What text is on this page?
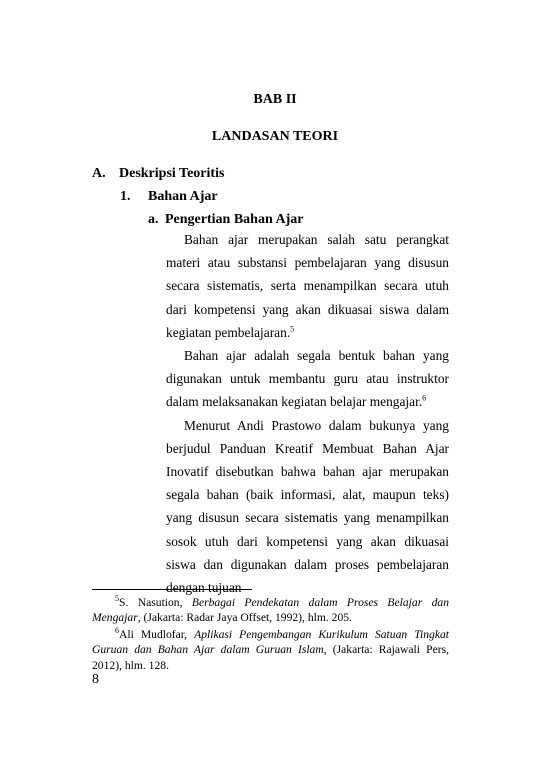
BAB II

LANDASAN TEORI

A. Deskripsi Teoritis

1. Bahan Ajar

a. Pengertian Bahan Ajar

Bahan ajar merupakan salah satu perangkat materi atau substansi pembelajaran yang disusun secara sistematis, serta menampilkan secara utuh dari kompetensi yang akan dikuasai siswa dalam kegiatan pembelajaran.$^5$

Bahan ajar adalah segala bentuk bahan yang digunakan untuk membantu guru atau instruktor dalam melaksanakan kegiatan belajar mengajar.$^6$

Menurut Andi Prastowo dalam bukunya yang berjudul Panduan Kreatif Membuat Bahan Ajar Inovatif disebutkan bahwa bahan ajar merupakan segala bahan (baik informasi, alat, maupun teks) yang disusun secara sistematis yang menampilkan sosok utuh dari kompetensi yang akan dikuasai siswa dan digunakan dalam proses pembelajaran dengan tujuan

$^5$S. Nasution, Berbagai Pendekatan dalam Proses Belajar dan Mengajar, (Jakarta: Radar Jaya Offset, 1992), hlm. 205.

$^6$Ali Mudlofar, Aplikasi Pengembangan Kurikulum Satuan Tingkat Guruan dan Bahan Ajar dalam Guruan Islam, (Jakarta: Rajawali Pers, 2012), hlm. 128.

8
